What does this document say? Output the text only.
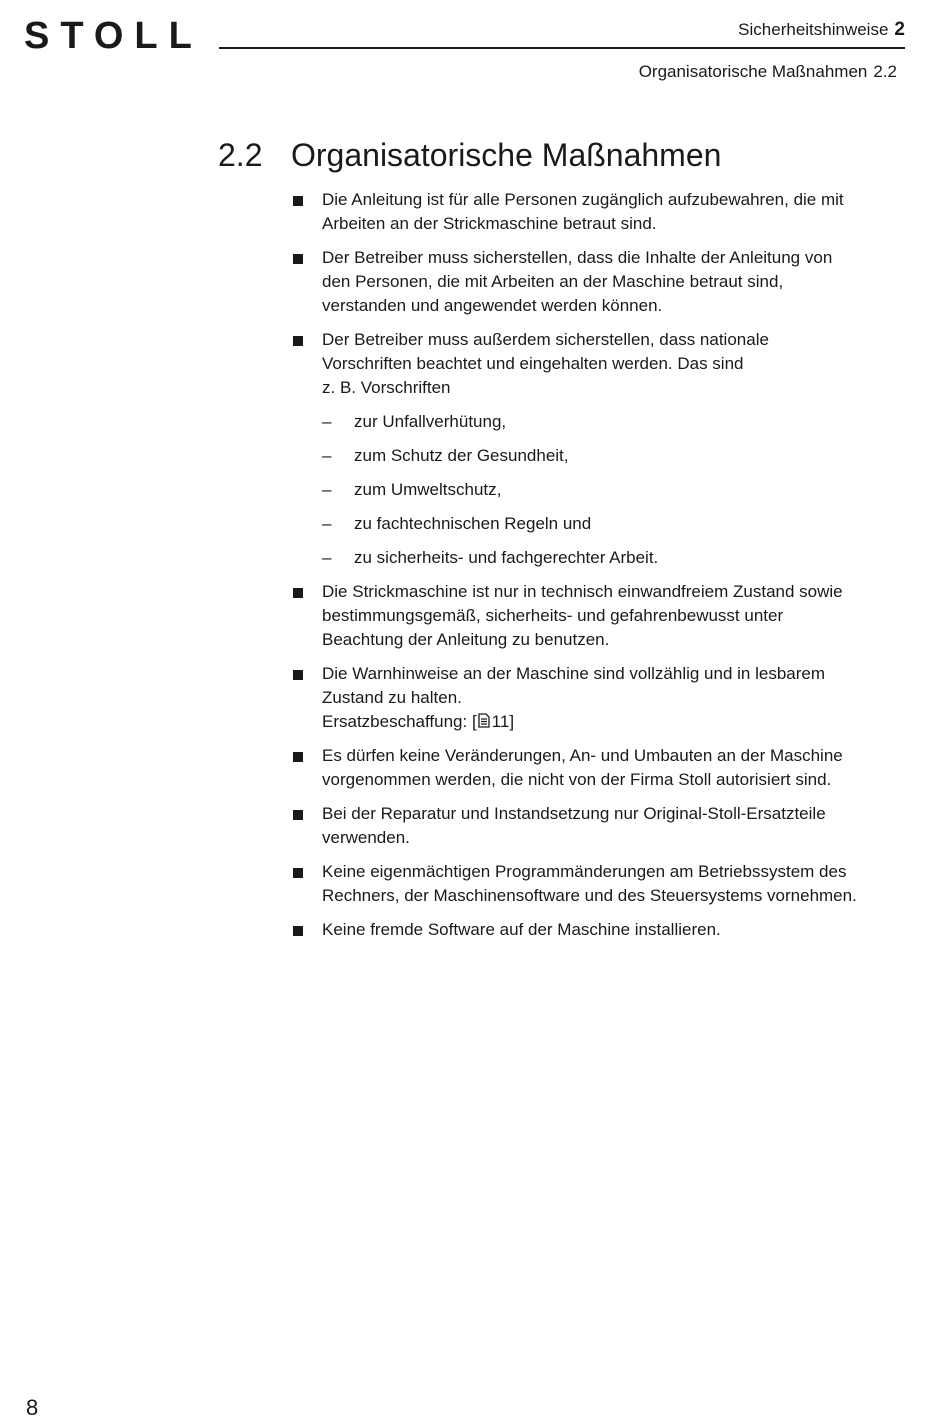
STOLL	Sicherheitshinweise 2
Organisatorische Maßnahmen 2.2
2.2 Organisatorische Maßnahmen
Die Anleitung ist für alle Personen zugänglich aufzubewahren, die mit
Arbeiten an der Strickmaschine betraut sind.
Der Betreiber muss sicherstellen, dass die Inhalte der Anleitung von
den Personen, die mit Arbeiten an der Maschine betraut sind,
verstanden und angewendet werden können.
Der Betreiber muss außerdem sicherstellen, dass nationale
Vorschriften beachtet und eingehalten werden. Das sind
z. B. Vorschriften
– zur Unfallverhütung,
– zum Schutz der Gesundheit,
– zum Umweltschutz,
– zu fachtechnischen Regeln und
– zu sicherheits- und fachgerechter Arbeit.
Die Strickmaschine ist nur in technisch einwandfreiem Zustand sowie
bestimmungsgemäß, sicherheits- und gefahrenbewusst unter
Beachtung der Anleitung zu benutzen.
Die Warnhinweise an der Maschine sind vollzählig und in lesbarem
Zustand zu halten.
Ersatzbeschaffung: [ 11]
Es dürfen keine Veränderungen, An- und Umbauten an der Maschine
vorgenommen werden, die nicht von der Firma Stoll autorisiert sind.
Bei der Reparatur und Instandsetzung nur Original-Stoll-Ersatzteile
verwenden.
Keine eigenmächtigen Programmänderungen am Betriebssystem des
Rechners, der Maschinensoftware und des Steuersystems vornehmen.
Keine fremde Software auf der Maschine installieren.
8
